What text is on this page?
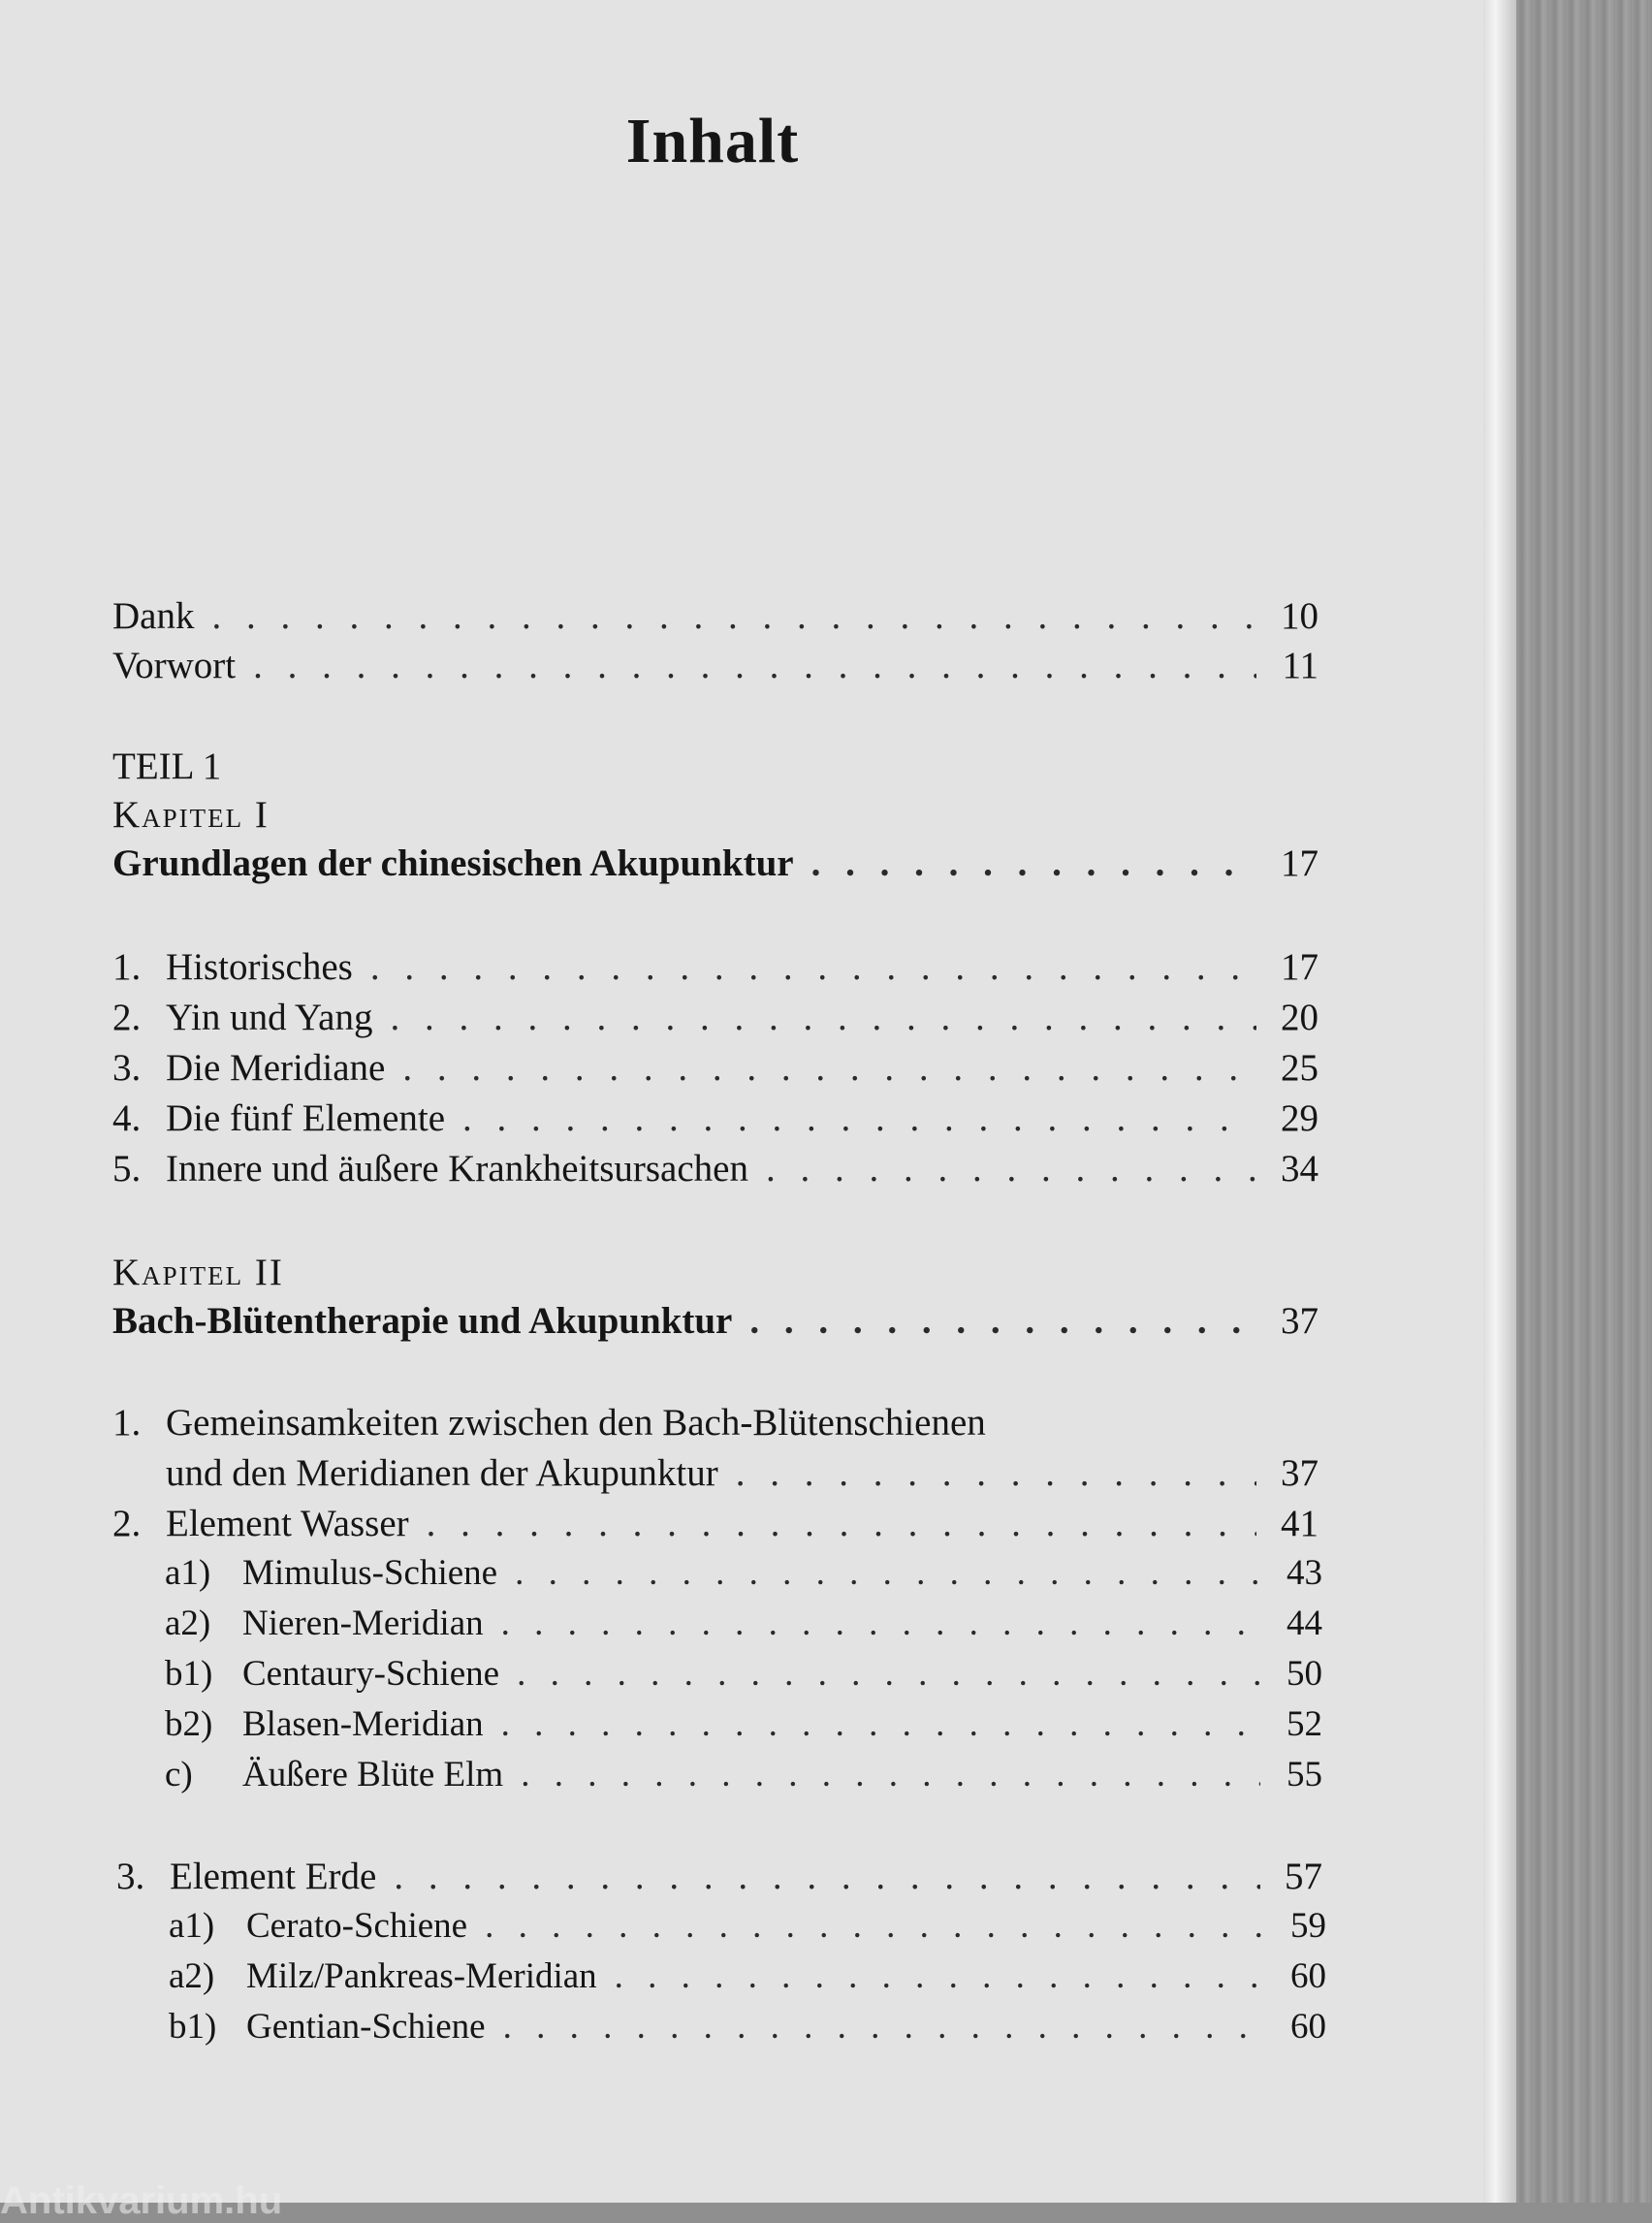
Inhalt
Dank . . .	10
Vorwort . . .	11

TEIL 1

Kapitel I

Grundlagen der chinesischen Akupunktur . . .	17
1. Historisches . . .	17
2. Yin und Yang . . .	20
3. Die Meridiane . . .	25
4. Die fünf Elemente . . .	29
5. Innere und äußere Krankheitsursachen . . .	34

Kapitel II

Bach-Blütentherapie und Akupunktur . . .	37
1. Gemeinsamkeiten zwischen den Bach-Blütenschienen
und den Meridianen der Akupunktur . . .	37
2. Element Wasser . . .	41
a1) Mimulus-Schiene . . .	43
a2) Nieren-Meridian . . .	44
b1) Centaury-Schiene . . .	50
b2) Blasen-Meridian . . .	52
c)	Äußere Blüte Elm . . .	55
3. Element Erde . . .	57
a1) Cerato-Schiene . . .	59
a2) Milz/Pankreas-Meridian . . .	60
b1) Gentian-Schiene . . .	60

Antikvarium.hu
